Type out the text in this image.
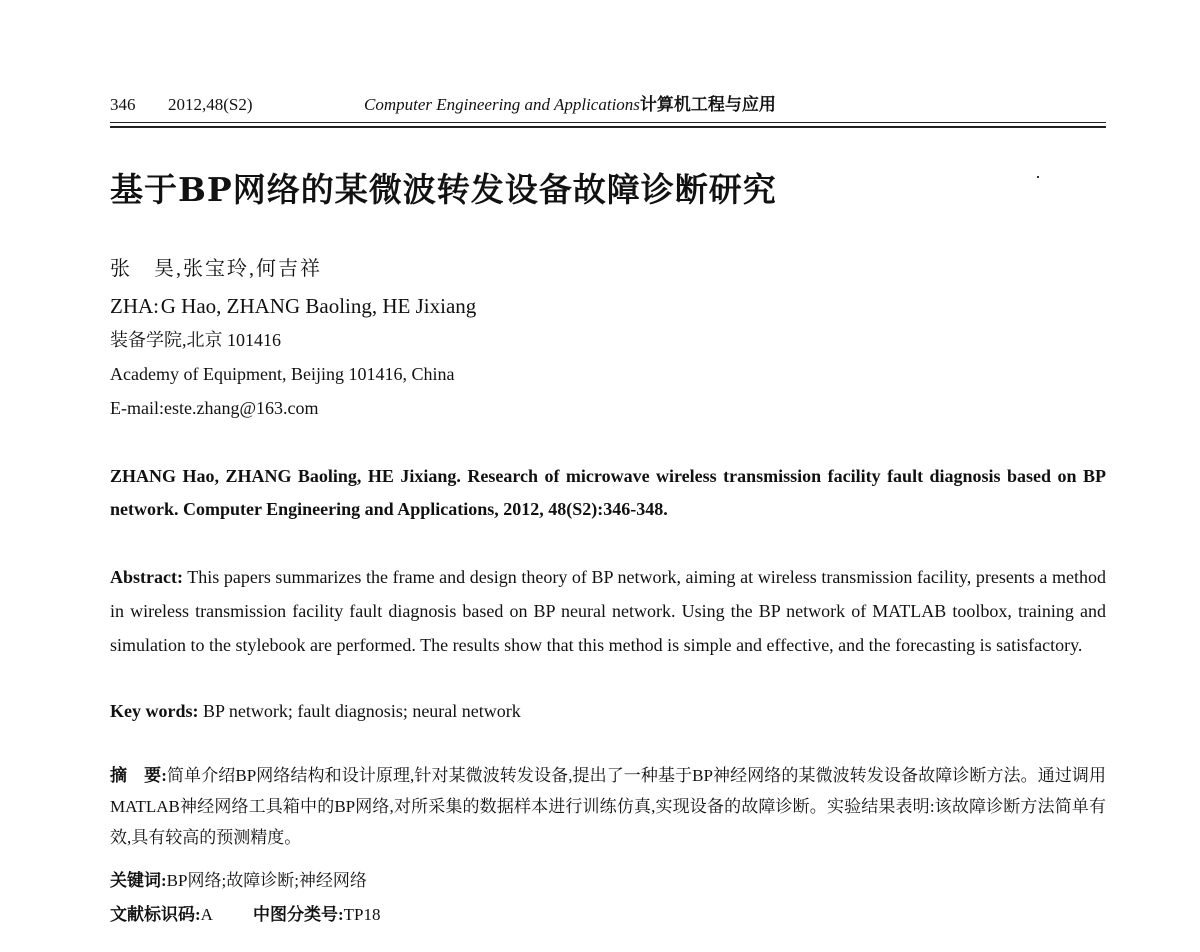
346 2012,48(S2)	Computer Engineering and Applications计算机工程与应用
基于BP网络的某微波转发设备故障诊断研究
张　昊,张宝玲,何吉祥
ZHA: G Hao, ZHANG Baoling, HE Jixiang
装备学院,北京 101416
Academy of Equipment, Beijing 101416, China
E-mail:este.zhang@163.com
ZHANG Hao, ZHANG Baoling, HE Jixiang. Research of microwave wireless transmission facility fault diagnosis based on BP network. Computer Engineering and Applications, 2012, 48(S2):346-348.
Abstract: This papers summarizes the frame and design theory of BP network, aiming at wireless transmission facility, presents a method in wireless transmission facility fault diagnosis based on BP neural network. Using the BP network of MATLAB toolbox, training and simulation to the stylebook are performed. The results show that this method is simple and effective, and the forecasting is satisfactory.
Key words: BP network; fault diagnosis; neural network
摘　要:简单介绍BP网络结构和设计原理,针对某微波转发设备,提出了一种基于BP神经网络的某微波转发设备故障诊断方法。通过调用MATLAB神经网络工具箱中的BP网络,对所采集的数据样本进行训练仿真,实现设备的故障诊断。实验结果表明:该故障诊断方法简单有效,具有较高的预测精度。
关键词:BP网络;故障诊断;神经网络
文献标识码:A 中图分类号:TP18
